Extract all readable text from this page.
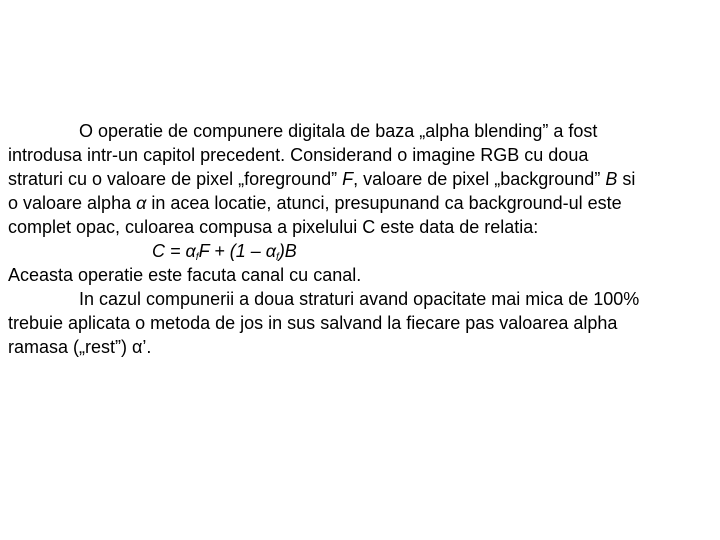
O operatie de compunere digitala de baza „alpha blending” a fost
introdusa intr-un capitol precedent. Considerand o imagine RGB cu doua
straturi cu o valoare de pixel „foreground” F, valoare de pixel „background” B si
o valoare alpha α in acea locatie, atunci, presupunand ca background-ul este
complet opac, culoarea compusa a pixelului C este data de relatia:
$C = \alpha_fF + (1 - \alpha_f)B$
Aceasta operatie este facuta canal cu canal.
In cazul compunerii a doua straturi avand opacitate mai mica de 100%
trebuie aplicata o metoda de jos in sus salvand la fiecare pas valoarea alpha
ramasa („rest”) α’.
